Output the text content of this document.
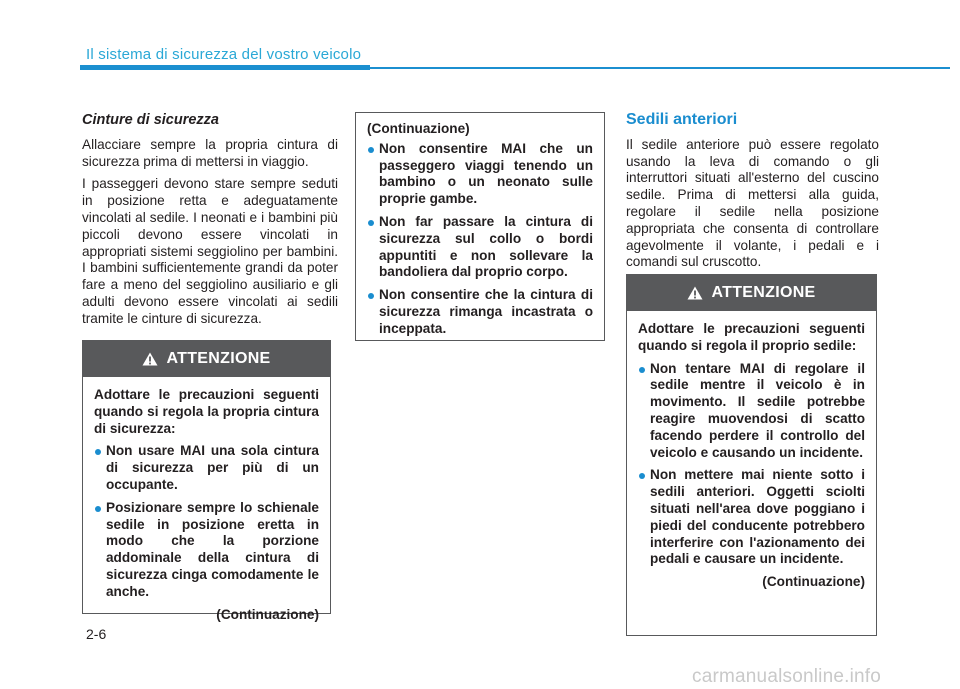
Il sistema di sicurezza del vostro veicolo
Cinture di sicurezza

Allacciare sempre la propria cintura di sicurezza prima di mettersi in viaggio.

I passeggeri devono stare sempre seduti in posizione retta e adeguatamente vincolati al sedile. I neonati e i bambini più piccoli devono essere vincolati in appropriati sistemi seggiolino per bambini. I bambini sufficientemente grandi da poter fare a meno del seggiolino ausiliario e gli adulti devono essere vincolati ai sedili tramite le cinture di sicurezza.

ATTENZIONE
Adottare le precauzioni seguenti quando si regola la propria cintura di sicurezza:
Non usare MAI una sola cintura di sicurezza per più di un occupante.
Posizionare sempre lo schienale sedile in posizione eretta in modo che la porzione addominale della cintura di sicurezza cinga comodamente le anche.
(Continuazione)
(Continuazione)
Non consentire MAI che un passeggero viaggi tenendo un bambino o un neonato sulle proprie gambe.
Non far passare la cintura di sicurezza sul collo o bordi appuntiti e non sollevare la bandoliera dal proprio corpo.
Non consentire che la cintura di sicurezza rimanga incastrata o inceppata.
Sedili anteriori

Il sedile anteriore può essere regolato usando la leva di comando o gli interruttori situati all'esterno del cuscino sedile. Prima di mettersi alla guida, regolare il sedile nella posizione appropriata che consenta di controllare agevolmente il volante, i pedali e i comandi sul cruscotto.

ATTENZIONE
Adottare le precauzioni seguenti quando si regola il proprio sedile:
Non tentare MAI di regolare il sedile mentre il veicolo è in movimento. Il sedile potrebbe reagire muovendosi di scatto facendo perdere il controllo del veicolo e causando un incidente.
Non mettere mai niente sotto i sedili anteriori. Oggetti sciolti situati nell'area dove poggiano i piedi del conducente potrebbero interferire con l'azionamento dei pedali e causare un incidente.
(Continuazione)
2-6
carmanualsonline.info
